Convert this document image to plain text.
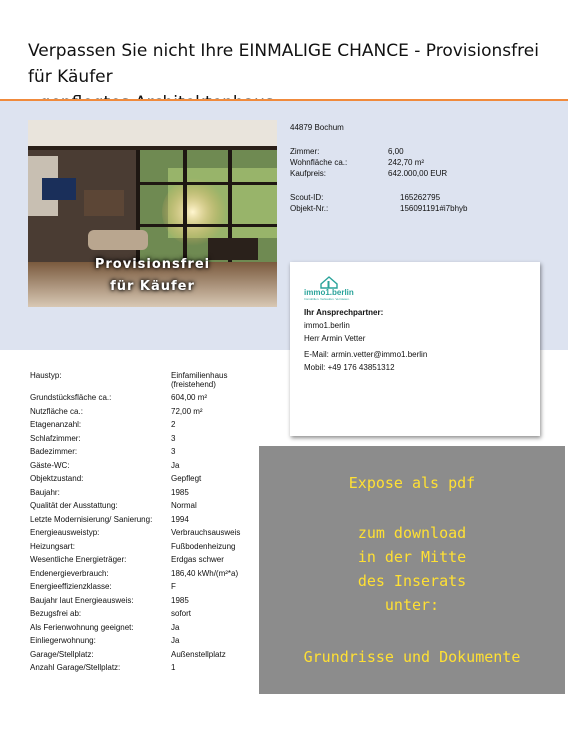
Verpassen Sie nicht Ihre EINMALIGE CHANCE - Provisionsfrei für Käufer

Provisionsfrei
für Käufer
44879 Bochum
Zimmer:	6,00
Wohnfläche ca.:	242,70 m²
Kaufpreis:	642.000,00 EUR
Scout-ID:	165262795
Objekt-Nr.:	156091191#i7bhyb
immo1.berlin
Immobilien. Verkaufen. Vermieten.
Ihr Ansprechpartner:
immo1.berlin
Herr Armin Vetter
E-Mail: armin.vetter@immo1.berlin
Mobil: +49 176 43851312
Haustyp:	Einfamilienhaus
(freistehend)
Grundstücksfläche ca.:	604,00 m²
Nutzfläche ca.:	72,00 m²
Etagenanzahl:	2
Schlafzimmer:	3
Badezimmer:	3
Gäste-WC:	Ja
Objektzustand:	Gepflegt
Baujahr:	1985
Qualität der Ausstattung:	Normal
Letzte Modernisierung/ Sanierung: 1994
Energieausweistyp:	Verbrauchsausweis
Heizungsart:	Fußbodenheizung
Wesentliche Energieträger:	Erdgas schwer
Endenergieverbrauch:	186,40 kWh/(m²*a)
Energieeffizienzklasse:	F
Baujahr laut Energieausweis:	1985
Bezugsfrei ab:	sofort
Als Ferienwohnung geeignet:	Ja
Einliegerwohnung:	Ja
Garage/Stellplatz:	Außenstellplatz
Anzahl Garage/Stellplatz:	1
Expose als pdf
zum download
in der Mitte
des Inserats
unter:
Grundrisse und Dokumente
